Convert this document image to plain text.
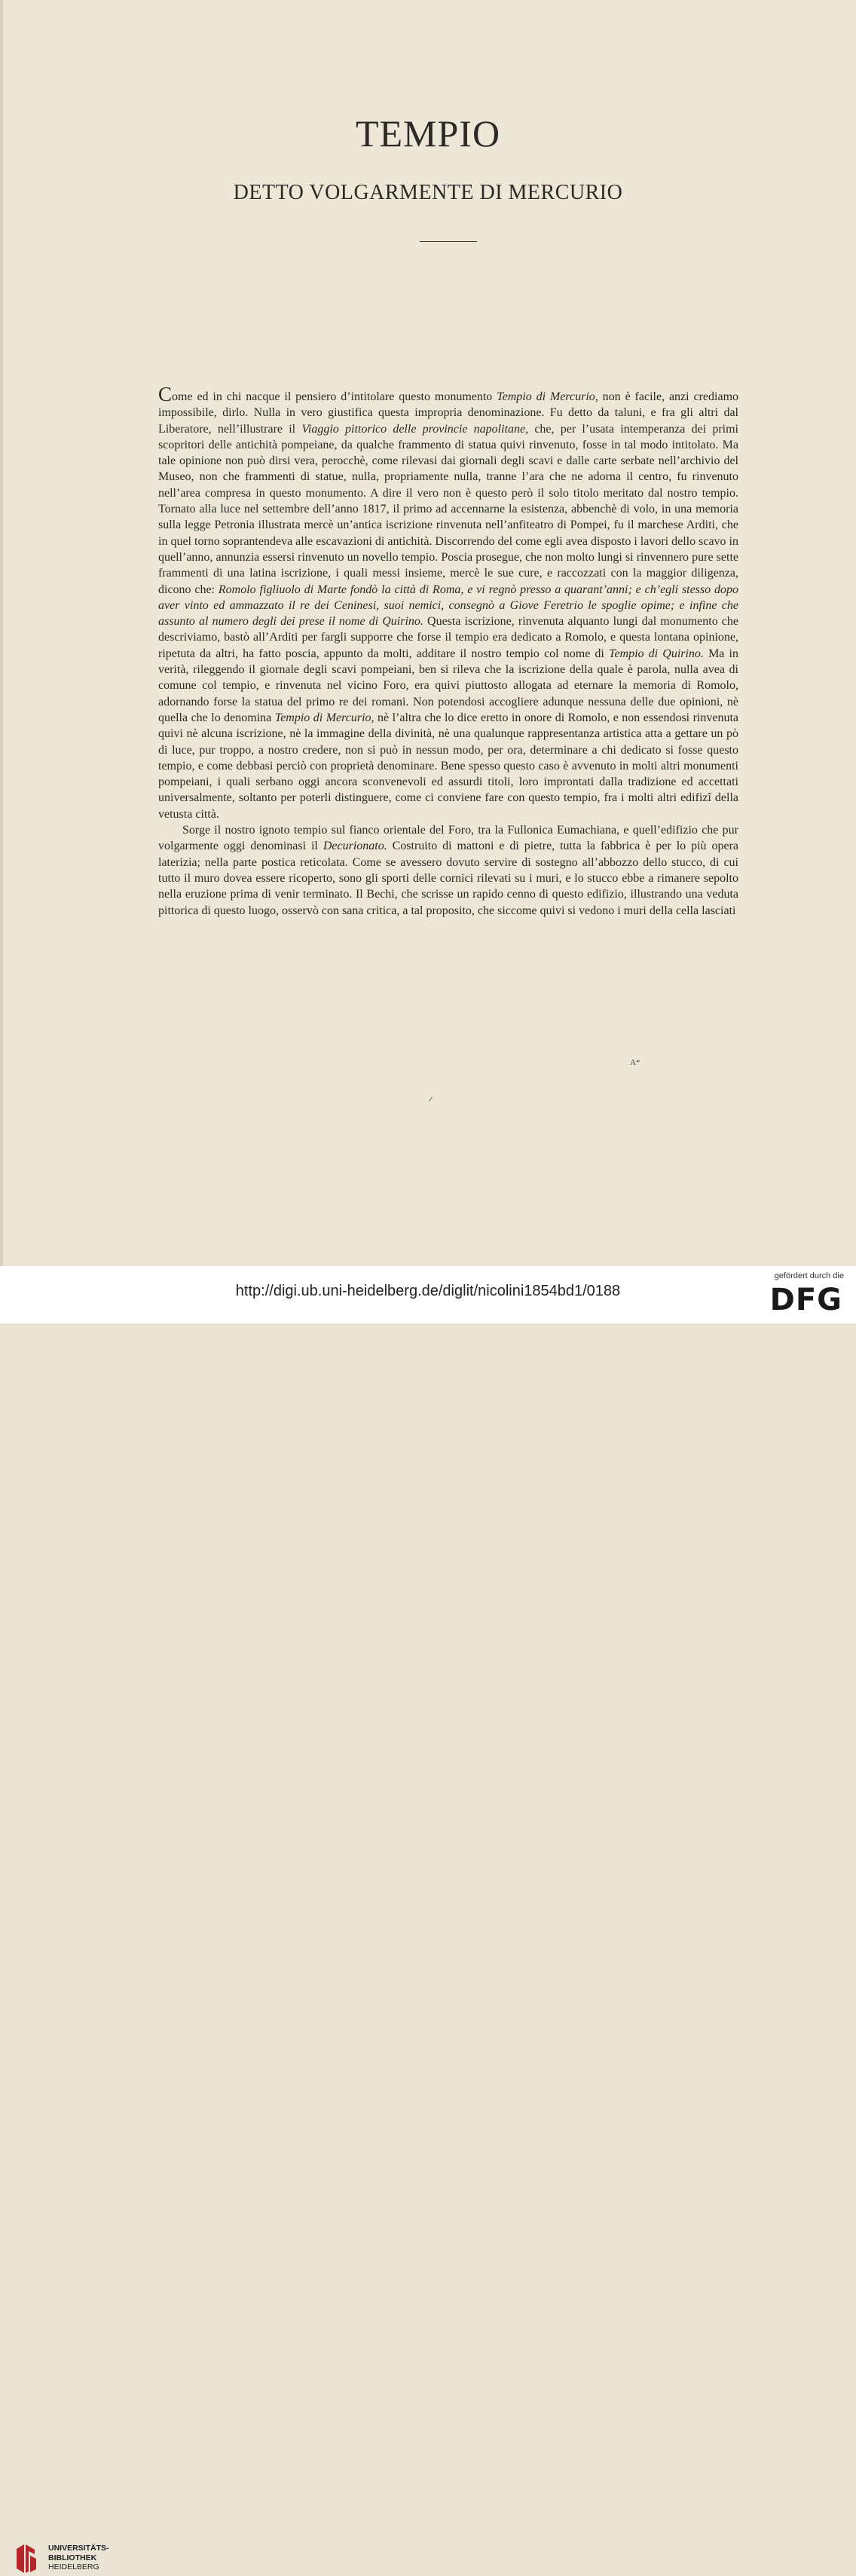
TEMPIO
DETTO VOLGARMENTE DI MERCURIO

Come ed in chi nacque il pensiero d’intitolare questo monumento Tempio di Mercurio, non è facile, anzi crediamo impossibile, dirlo. Nulla in vero giustifica questa impropria denominazione. Fu detto da taluni, e fra gli altri dal Liberatore, nell’illustrare il Viaggio pittorico delle provincie napolitane, che, per l’usata intemperanza dei primi scopritori delle antichità pompeiane, da qualche frammento di statua quivi rinvenuto, fosse in tal modo intitolato. Ma tale opinione non può dirsi vera, perocchè, come rilevasi dai giornali degli scavi e dalle carte serbate nell’archivio del Museo, non che frammenti di statue, nulla, propriamente nulla, tranne l’ara che ne adorna il centro, fu rinvenuto nell’area compresa in questo monumento. A dire il vero non è questo però il solo titolo meritato dal nostro tempio. Tornato alla luce nel settembre dell’anno 1817, il primo ad accennarne la esistenza, abbenchè di volo, in una memoria sulla legge Petronia illustrata mercè un’antica iscrizione rinvenuta nell’anfiteatro di Pompei, fu il marchese Arditi, che in quel torno soprantendeva alle escavazioni di antichità. Discorrendo del come egli avea disposto i lavori dello scavo in quell’anno, annunzia essersi rinvenuto un novello tempio. Poscia prosegue, che non molto lungi si rinvennero pure sette frammenti di una latina iscrizione, i quali messi insieme, mercè le sue cure, e raccozzati con la maggior diligenza, dicono che: Romolo figliuolo di Marte fondò la città di Roma, e vi regnò presso a quarant’anni; e ch’egli stesso dopo aver vinto ed ammazzato il re dei Ceninesi, suoi nemici, consegnò a Giove Feretrio le spoglie opime; e infine che assunto al numero degli dei prese il nome di Quirino. Questa iscrizione, rinvenuta alquanto lungi dal monumento che descriviamo, bastò all’Arditi per fargli supporre che forse il tempio era dedicato a Romolo, e questa lontana opinione, ripetuta da altri, ha fatto poscia, appunto da molti, additare il nostro tempio col nome di Tempio di Quirino. Ma in verità, rileggendo il giornale degli scavi pompeiani, ben si rileva che la iscrizione della quale è parola, nulla avea di comune col tempio, e rinvenuta nel vicino Foro, era quivi piuttosto allogata ad eternare la memoria di Romolo, adornando forse la statua del primo re dei romani. Non potendosi accogliere adunque nessuna delle due opinioni, nè quella che lo denomina Tempio di Mercurio, nè l’altra che lo dice eretto in onore di Romolo, e non essendosi rinvenuta quivi nè alcuna iscrizione, nè la immagine della divinità, nè una qualunque rappresentanza artistica atta a gettare un pò di luce, pur troppo, a nostro credere, non si può in nessun modo, per ora, determinare a chi dedicato si fosse questo tempio, e come debbasi perciò con proprietà denominare. Bene spesso questo caso è avvenuto in molti altri monumenti pompeiani, i quali serbano oggi ancora sconvenevoli ed assurdi titoli, loro improntati dalla tradizione ed accettati universalmente, soltanto per poterli distinguere, come ci conviene fare con questo tempio, fra i molti altri edifizî della vetusta città.

Sorge il nostro ignoto tempio sul fianco orientale del Foro, tra la Fullonica Eumachiana, e quell’edifizio che pur volgarmente oggi denominasi il Decurionato. Costruito di mattoni e di pietre, tutta la fabbrica è per lo più opera laterizia; nella parte postica reticolata. Come se avessero dovuto servire di sostegno all’abbozzo dello stucco, di cui tutto il muro dovea essere ricoperto, sono gli sporti delle cornici rilevati su i muri, e lo stucco ebbe a rimanere sepolto nella eruzione prima di venir terminato. Il Bechi, che scrisse un rapido cenno di questo edifizio, illustrando una veduta pittorica di questo luogo, osservò con sana critica, a tal proposito, che siccome quivi si vedono i muri della cella lasciati

A*
UNIVERSITÄTS-
BIBLIOTHEK
HEIDELBERG
http://digi.ub.uni-heidelberg.de/diglit/nicolini1854bd1/0188
gefördert durch die
DFG
